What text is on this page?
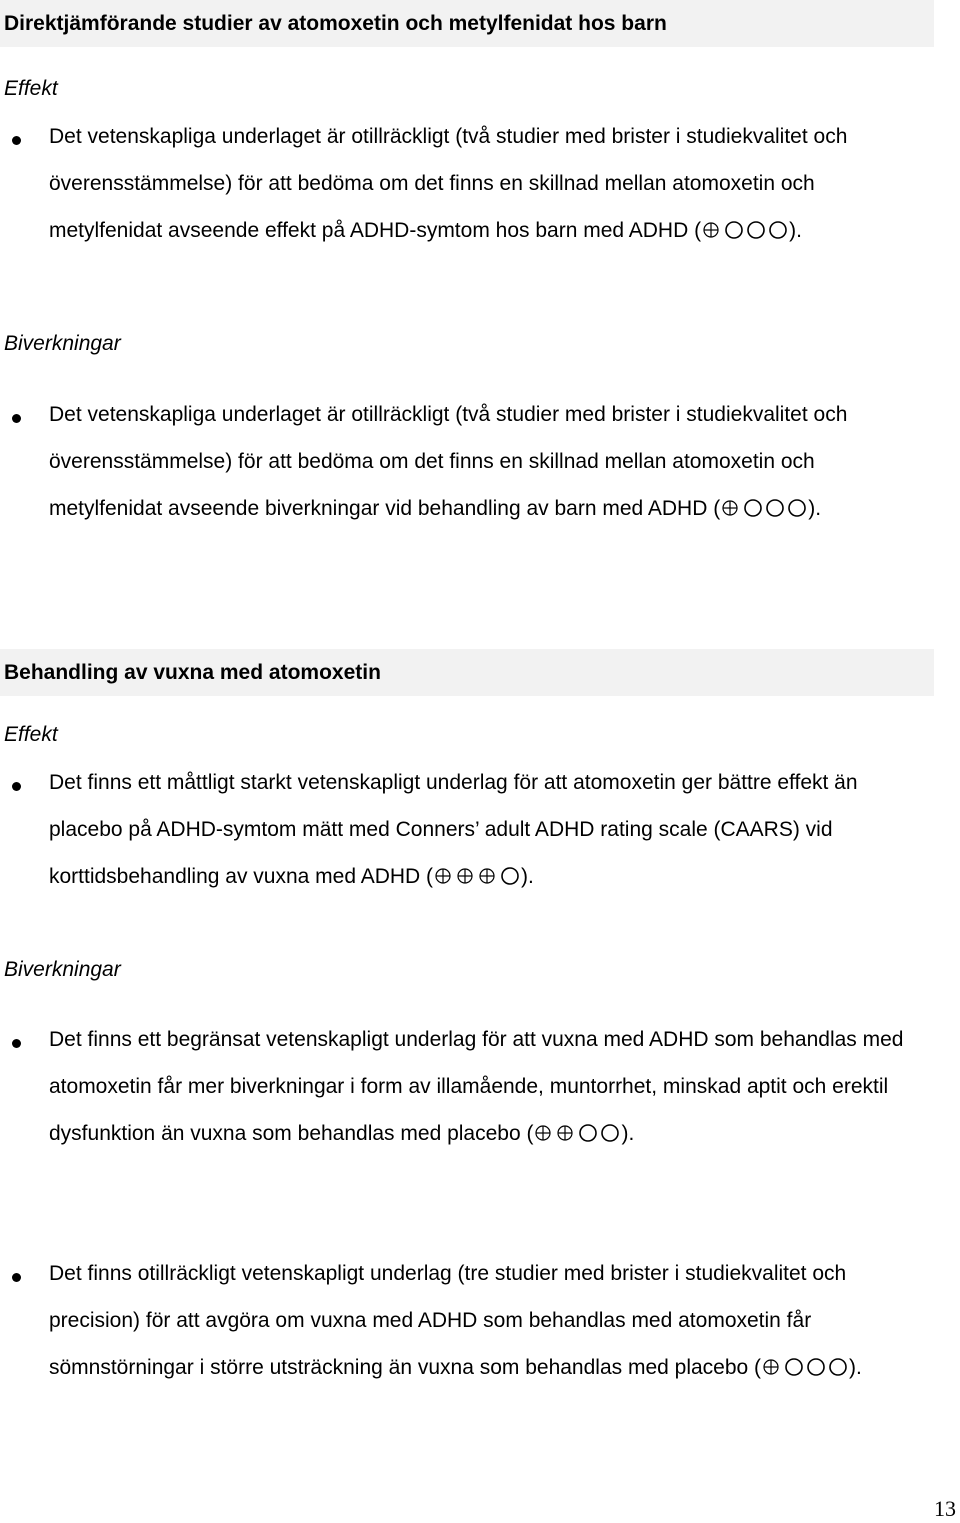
Direktjämförande studier av atomoxetin och metylfenidat hos barn
Effekt
Det vetenskapliga underlaget är otillräckligt (två studier med brister i studiekvalitet och överensstämmelse) för att bedöma om det finns en skillnad mellan atomoxetin och metylfenidat avseende effekt på ADHD-symtom hos barn med ADHD (	).
Biverkningar
Det vetenskapliga underlaget är otillräckligt (två studier med brister i studiekvalitet och överensstämmelse) för att bedöma om det finns en skillnad mellan atomoxetin och metylfenidat avseende biverkningar vid behandling av barn med ADHD (	).
Behandling av vuxna med atomoxetin
Effekt
Det finns ett måttligt starkt vetenskapligt underlag för att atomoxetin ger bättre effekt än placebo på ADHD-symtom mätt med Conners’ adult ADHD rating scale (CAARS) vid korttidsbehandling av vuxna med ADHD (	).
Biverkningar
Det finns ett begränsat vetenskapligt underlag för att vuxna med ADHD som behandlas med atomoxetin får mer biverkningar i form av illamående, muntorrhet, minskad aptit och erektil dysfunktion än vuxna som behandlas med placebo (	).
Det finns otillräckligt vetenskapligt underlag (tre studier med brister i studiekvalitet och precision) för att avgöra om vuxna med ADHD som behandlas med atomoxetin får sömnstörningar i större utsträckning än vuxna som behandlas med placebo (	).
13
